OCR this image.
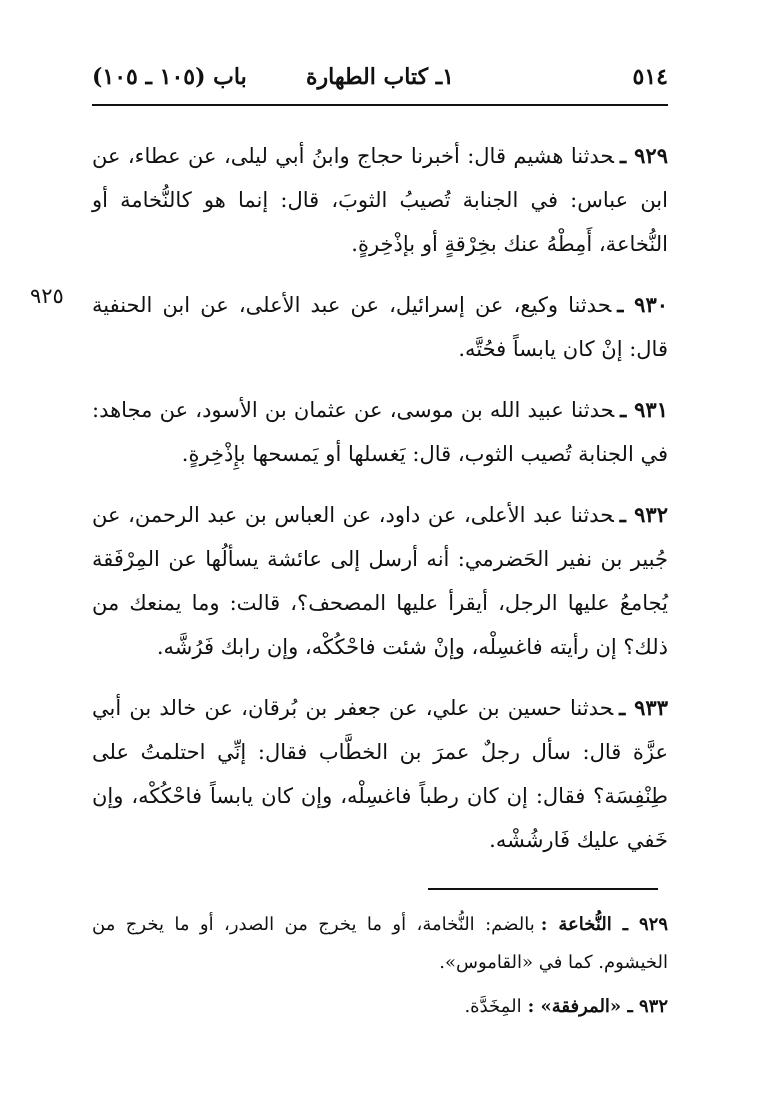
٥١٤
١ـ كتاب الطهارة
باب (١٠٥ ـ ١٠٥)
٩٢٥

٩٢٩ ـحدثنا هشيم قال: أخبرنا حجاج وابنُ أبي ليلى، عن عطاء، عن ابن عباس: في الجنابة تُصيبُ الثوبَ، قال: إنما هو كالنُّخامة أو النُّخاعة، أَمِطْهُ عنك بخِرْقةٍ أو بإذْخِرةٍ.

٩٣٠ ـحدثنا وكيع، عن إسرائيل، عن عبد الأعلى، عن ابن الحنفية قال: إنْ كان يابساً فحُتَّه.

٩٣١ ـحدثنا عبيد الله بن موسى، عن عثمان بن الأسود، عن مجاهد: في الجنابة تُصيب الثوب، قال: يَغسلها أو يَمسحها بإِذْخِرةٍ.

٩٣٢ ـحدثنا عبد الأعلى، عن داود، عن العباس بن عبد الرحمن، عن جُبير بن نفير الحَضرمي: أنه أرسل إلى عائشة يسألُها عن المِرْفَقة يُجامعُ عليها الرجل، أيقرأ عليها المصحف؟، قالت: وما يمنعك من ذلك؟ إن رأيته فاغسِلْه، وإنْ شئت فاحْكُكْه، وإن رابك فَرُشَّه.

٩٣٣ ـحدثنا حسين بن علي، عن جعفر بن بُرقان، عن خالد بن أبي عزَّة قال: سأل رجلٌ عمرَ بن الخطَّاب فقال: إنِّي احتلمتُ على طِنْفِسَة؟ فقال: إن كان رطباً فاغسِلْه، وإن كان يابساً فاحْكُكْه، وإن خَفي عليك فَارشُشْه.

٩٢٩ ـ النُّخاعة :بالضم: النُّخامة، أو ما يخرج من الصدر، أو ما يخرج من الخيشوم. كما في «القاموس».

٩٣٢ ـ «المرفقة» :المِخَدَّة.
